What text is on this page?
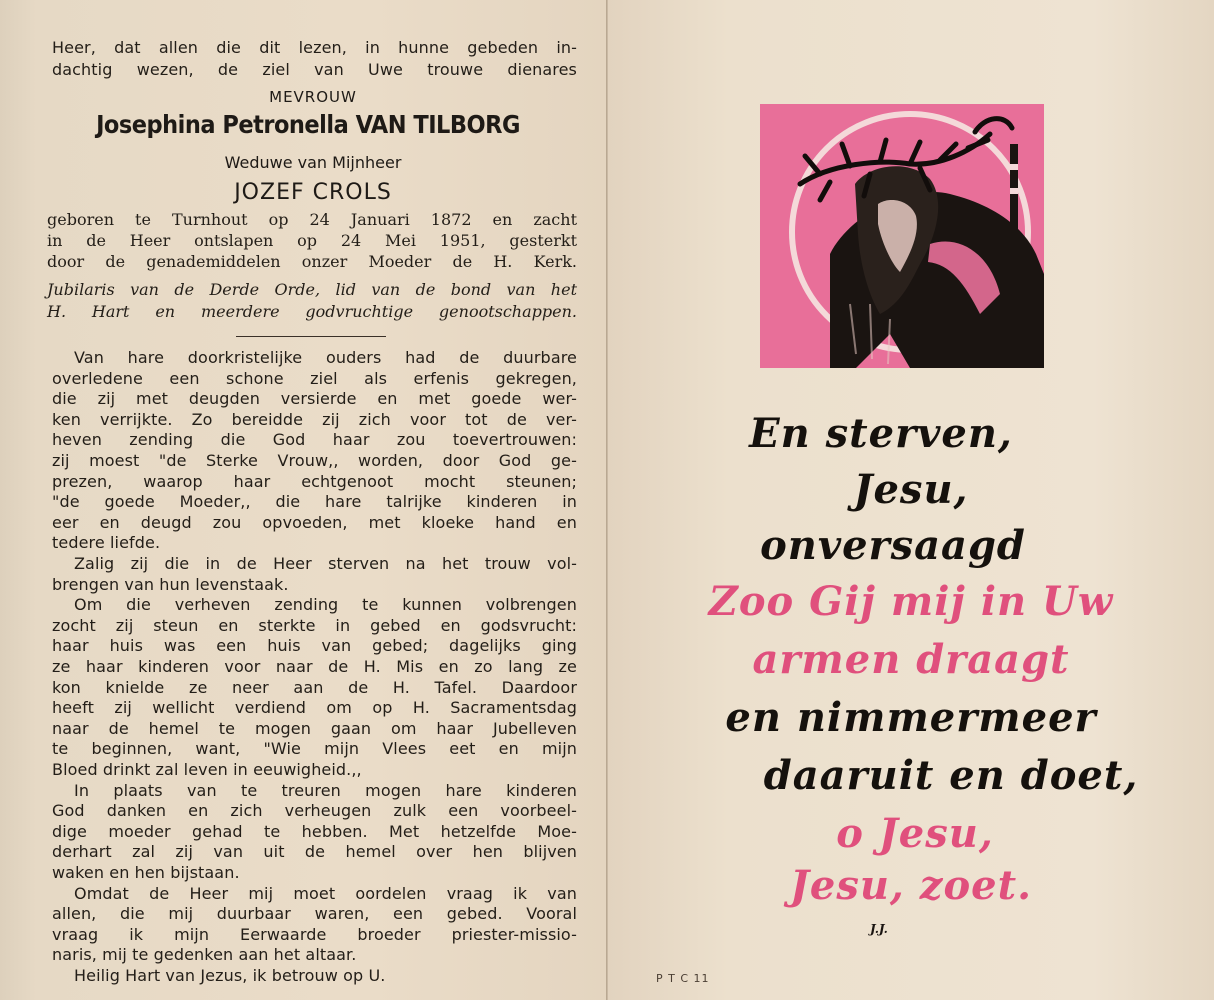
Heer, dat allen die dit lezen, in hunne gebeden in-
dachtig wezen, de ziel van Uwe trouwe dienares
MEVROUW
Josephina Petronella VAN TILBORG
Weduwe van Mijnheer
JOZEF CROLS
geboren te Turnhout op 24 Januari 1872 en zacht
in de Heer ontslapen op 24 Mei 1951, gesterkt
door de genademiddelen onzer Moeder de H. Kerk.
Jubilaris van de Derde Orde, lid van de bond van het
H. Hart en meerdere godvruchtige genootschappen.
Van hare doorkristelijke ouders had de duurbare
overledene een schone ziel als erfenis gekregen,
die zij met deugden versierde en met goede wer-
ken verrijkte. Zo bereidde zij zich voor tot de ver-
heven zending die God haar zou toevertrouwen:
zij moest "de Sterke Vrouw,, worden, door God ge-
prezen, waarop haar echtgenoot mocht steunen;
"de goede Moeder,, die hare talrijke kinderen in
eer en deugd zou opvoeden, met kloeke hand en
tedere liefde.
Zalig zij die in de Heer sterven na het trouw vol-
brengen van hun levenstaak.
Om die verheven zending te kunnen volbrengen
zocht zij steun en sterkte in gebed en godsvrucht:
haar huis was een huis van gebed; dagelijks ging
ze haar kinderen voor naar de H. Mis en zo lang ze
kon knielde ze neer aan de H. Tafel. Daardoor
heeft zij wellicht verdiend om op H. Sacramentsdag
naar de hemel te mogen gaan om haar Jubelleven
te beginnen, want, "Wie mijn Vlees eet en mijn
Bloed drinkt zal leven in eeuwigheid.,,
In plaats van te treuren mogen hare kinderen
God danken en zich verheugen zulk een voorbeel-
dige moeder gehad te hebben. Met hetzelfde Moe-
derhart zal zij van uit de hemel over hen blijven
waken en hen bijstaan.
Omdat de Heer mij moet oordelen vraag ik van
allen, die mij duurbaar waren, een gebed. Vooral
vraag ik mijn Eerwaarde broeder priester-missio-
naris, mij te gedenken aan het altaar.
Heilig Hart van Jezus, ik betrouw op U.
En sterven,
Jesu,
onversaagd
Zoo Gij mij in Uw
armen draagt
en nimmermeer
daaruit en doet,
o Jesu,
Jesu, zoet.
J.J.
P T C 11
